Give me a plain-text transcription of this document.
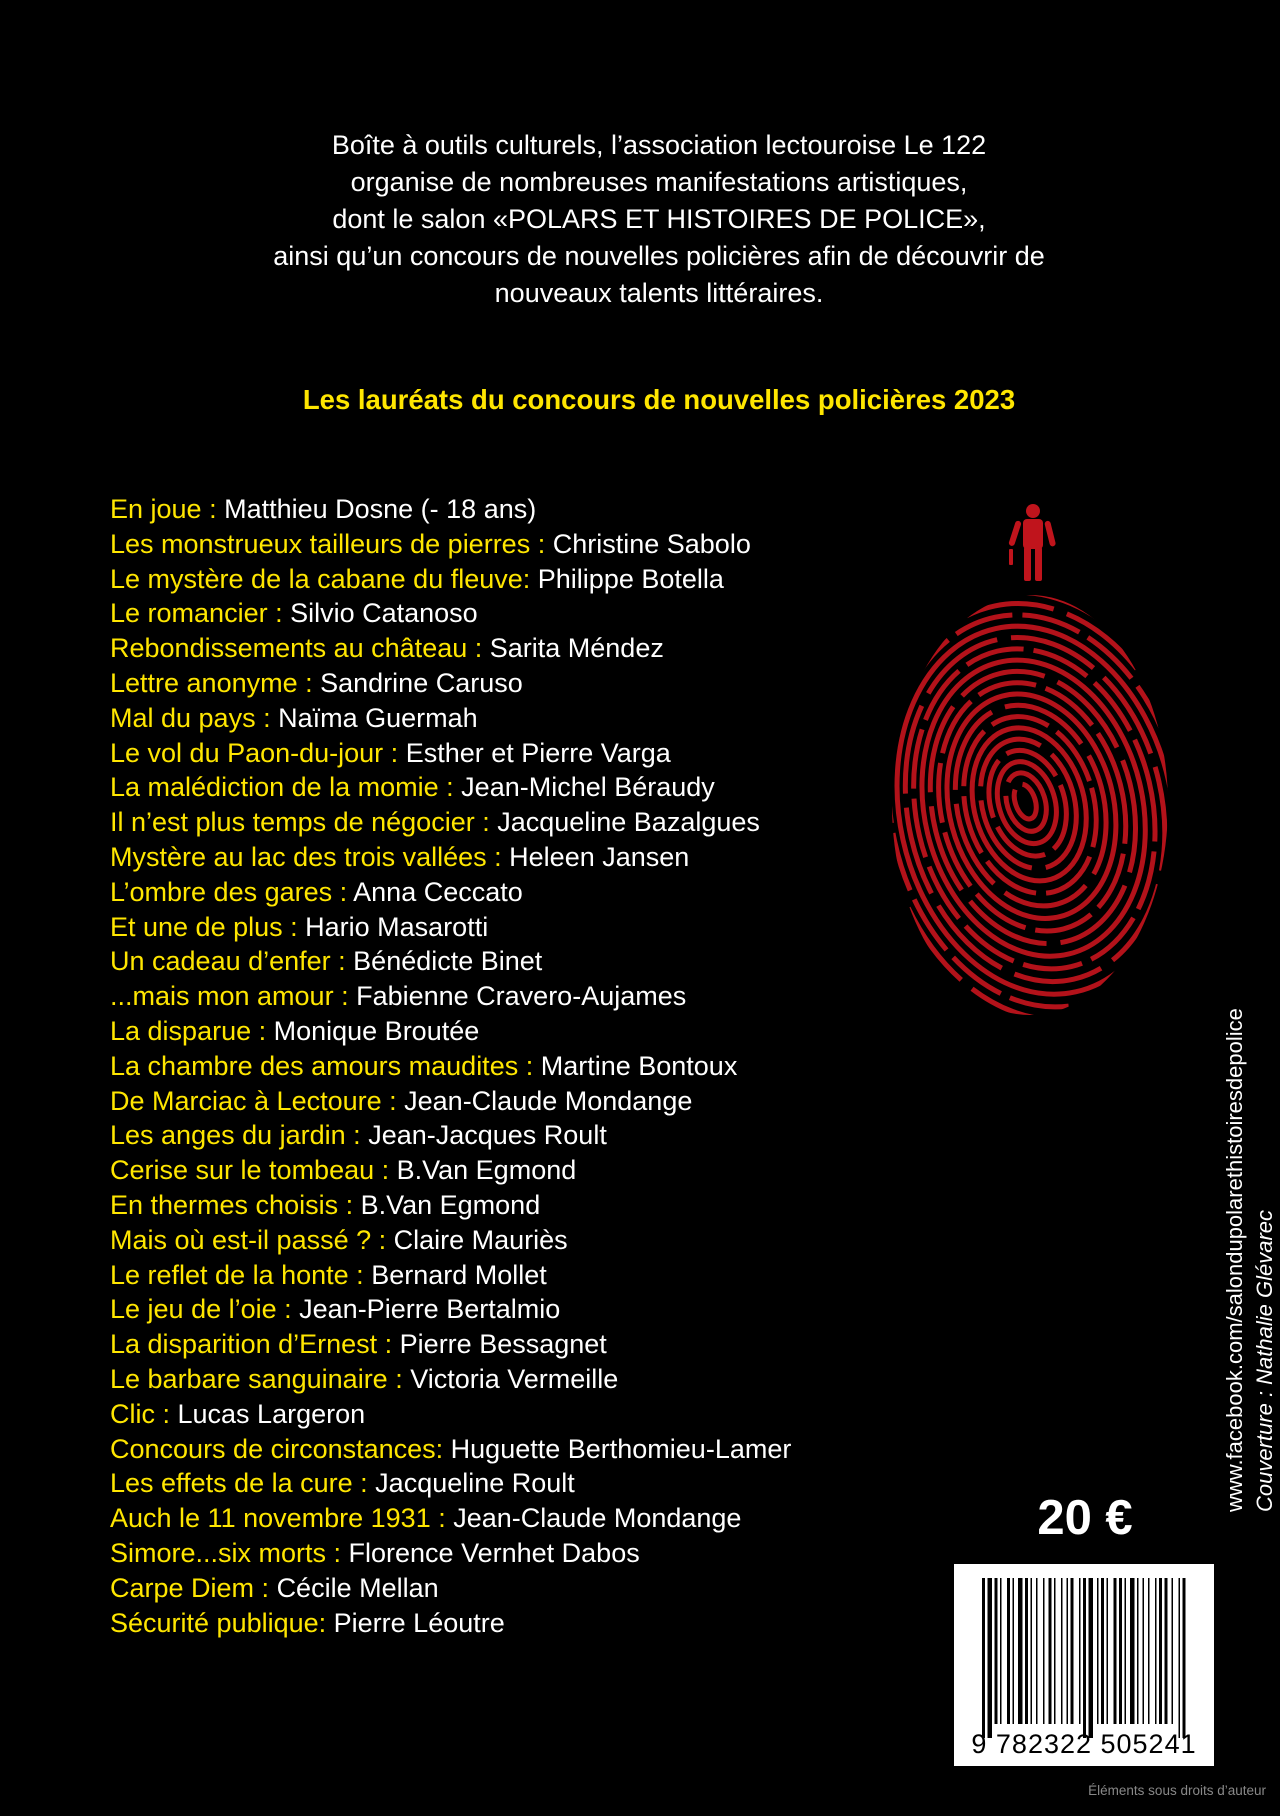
Boîte à outils culturels, l’association lectouroise Le 122
organise de nombreuses manifestations artistiques,
dont le salon «POLARS ET HISTOIRES DE POLICE»,
ainsi qu’un concours de nouvelles policières afin de découvrir de
nouveaux talents littéraires.
Les lauréats du concours de nouvelles policières 2023
En joue : Matthieu Dosne (- 18 ans)
Les monstrueux tailleurs de pierres : Christine Sabolo
Le mystère de la cabane du fleuve: Philippe Botella
Le romancier : Silvio Catanoso
Rebondissements au château : Sarita Méndez
Lettre anonyme : Sandrine Caruso
Mal du pays : Naïma Guermah
Le vol du Paon-du-jour : Esther et Pierre Varga
La malédiction de la momie : Jean-Michel Béraudy
Il n’est plus temps de négocier : Jacqueline Bazalgues
Mystère au lac des trois vallées : Heleen Jansen
L’ombre des gares : Anna Ceccato
Et une de plus : Hario Masarotti
Un cadeau d’enfer : Bénédicte Binet
...mais mon amour : Fabienne Cravero-Aujames
La disparue : Monique Broutée
La chambre des amours maudites : Martine Bontoux
De Marciac à Lectoure : Jean-Claude Mondange
Les anges du jardin : Jean-Jacques Roult
Cerise sur le tombeau : B.Van Egmond
En thermes choisis : B.Van Egmond
Mais où est-il passé ? : Claire Mauriès
Le reflet de la honte : Bernard Mollet
Le jeu de l’oie : Jean-Pierre Bertalmio
La disparition d’Ernest : Pierre Bessagnet
Le barbare sanguinaire : Victoria Vermeille
Clic : Lucas Largeron
Concours de circonstances: Huguette Berthomieu-Lamer
Les effets de la cure : Jacqueline Roult
Auch le 11 novembre 1931 : Jean-Claude Mondange
Simore...six morts : Florence Vernhet Dabos
Carpe Diem : Cécile Mellan
Sécurité publique: Pierre Léoutre
20 €
9 782322 505241
www.facebook.com/salondupolarethistoiresdepolice Couverture : Nathalie Glévarec
Éléments sous droits d’auteur
